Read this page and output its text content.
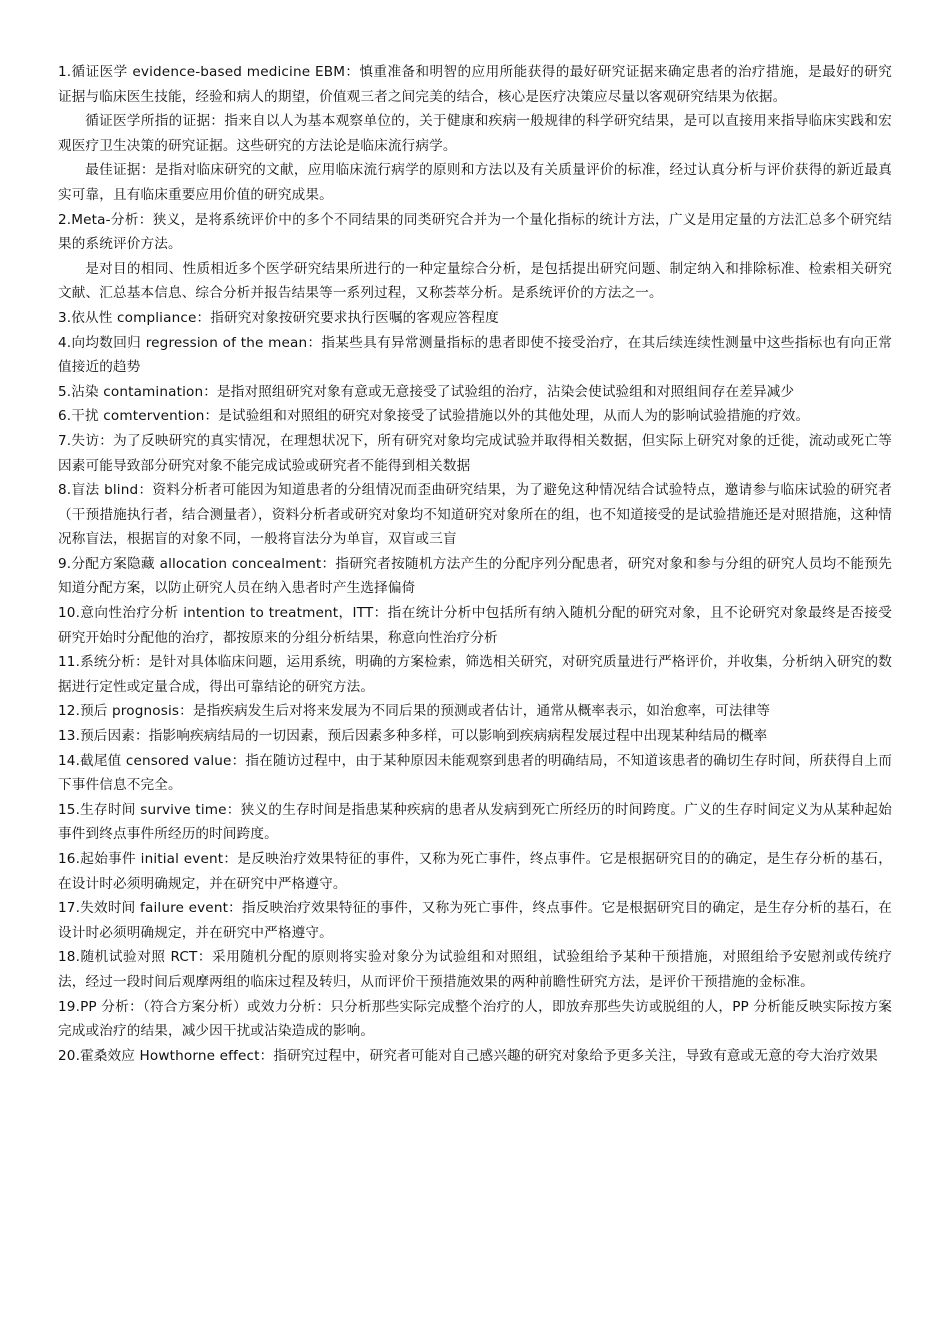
1.循证医学 evidence-based medicine EBM：慎重准备和明智的应用所能获得的最好研究证据来确定患者的治疗措施，是最好的研究证据与临床医生技能，经验和病人的期望，价值观三者之间完美的结合，核心是医疗决策应尽量以客观研究结果为依据。

循证医学所指的证据：指来自以人为基本观察单位的，关于健康和疾病一般规律的科学研究结果，是可以直接用来指导临床实践和宏观医疗卫生决策的研究证据。这些研究的方法论是临床流行病学。

最佳证据：是指对临床研究的文献，应用临床流行病学的原则和方法以及有关质量评价的标准，经过认真分析与评价获得的新近最真实可靠，且有临床重要应用价值的研究成果。

2.Meta-分析：狭义，是将系统评价中的多个不同结果的同类研究合并为一个量化指标的统计方法，广义是用定量的方法汇总多个研究结果的系统评价方法。

是对目的相同、性质相近多个医学研究结果所进行的一种定量综合分析，是包括提出研究问题、制定纳入和排除标准、检索相关研究文献、汇总基本信息、综合分析并报告结果等一系列过程，又称荟萃分析。是系统评价的方法之一。

3.依从性 compliance：指研究对象按研究要求执行医嘱的客观应答程度

4.向均数回归 regression of the mean：指某些具有异常测量指标的患者即使不接受治疗，在其后续连续性测量中这些指标也有向正常值接近的趋势

5.沾染 contamination：是指对照组研究对象有意或无意接受了试验组的治疗，沾染会使试验组和对照组间存在差异减少

6.干扰 comtervention：是试验组和对照组的研究对象接受了试验措施以外的其他处理，从而人为的影响试验措施的疗效。

7.失访：为了反映研究的真实情况，在理想状况下，所有研究对象均完成试验并取得相关数据，但实际上研究对象的迁徙，流动或死亡等因素可能导致部分研究对象不能完成试验或研究者不能得到相关数据

8.盲法 blind：资料分析者可能因为知道患者的分组情况而歪曲研究结果，为了避免这种情况结合试验特点，邀请参与临床试验的研究者（干预措施执行者，结合测量者），资料分析者或研究对象均不知道研究对象所在的组，也不知道接受的是试验措施还是对照措施，这种情况称盲法，根据盲的对象不同，一般将盲法分为单盲，双盲或三盲

9.分配方案隐藏 allocation concealment：指研究者按随机方法产生的分配序列分配患者，研究对象和参与分组的研究人员均不能预先知道分配方案，以防止研究人员在纳入患者时产生选择偏倚

10.意向性治疗分析 intention to treatment，ITT：指在统计分析中包括所有纳入随机分配的研究对象，且不论研究对象最终是否接受研究开始时分配他的治疗，都按原来的分组分析结果，称意向性治疗分析

11.系统分析：是针对具体临床问题，运用系统，明确的方案检索，筛选相关研究，对研究质量进行严格评价，并收集，分析纳入研究的数据进行定性或定量合成，得出可靠结论的研究方法。

12.预后 prognosis：是指疾病发生后对将来发展为不同后果的预测或者估计，通常从概率表示，如治愈率，可法律等

13.预后因素：指影响疾病结局的一切因素，预后因素多种多样，可以影响到疾病病程发展过程中出现某种结局的概率

14.截尾值 censored value：指在随访过程中，由于某种原因未能观察到患者的明确结局，不知道该患者的确切生存时间，所获得自上而下事件信息不完全。

15.生存时间 survive time：狭义的生存时间是指患某种疾病的患者从发病到死亡所经历的时间跨度。广义的生存时间定义为从某种起始事件到终点事件所经历的时间跨度。

16.起始事件 initial event：是反映治疗效果特征的事件，又称为死亡事件，终点事件。它是根据研究目的的确定，是生存分析的基石，在设计时必须明确规定，并在研究中严格遵守。

17.失效时间 failure event：指反映治疗效果特征的事件，又称为死亡事件，终点事件。它是根据研究目的确定，是生存分析的基石，在设计时必须明确规定，并在研究中严格遵守。

18.随机试验对照 RCT：采用随机分配的原则将实验对象分为试验组和对照组，试验组给予某种干预措施，对照组给予安慰剂或传统疗法，经过一段时间后观摩两组的临床过程及转归，从而评价干预措施效果的两种前瞻性研究方法，是评价干预措施的金标准。

19.PP 分析：（符合方案分析）或效力分析：只分析那些实际完成整个治疗的人，即放弃那些失访或脱组的人，PP 分析能反映实际按方案完成或治疗的结果，减少因干扰或沾染造成的影响。

20.霍桑效应 Howthorne effect：指研究过程中，研究者可能对自己感兴趣的研究对象给予更多关注，导致有意或无意的夸大治疗效果
